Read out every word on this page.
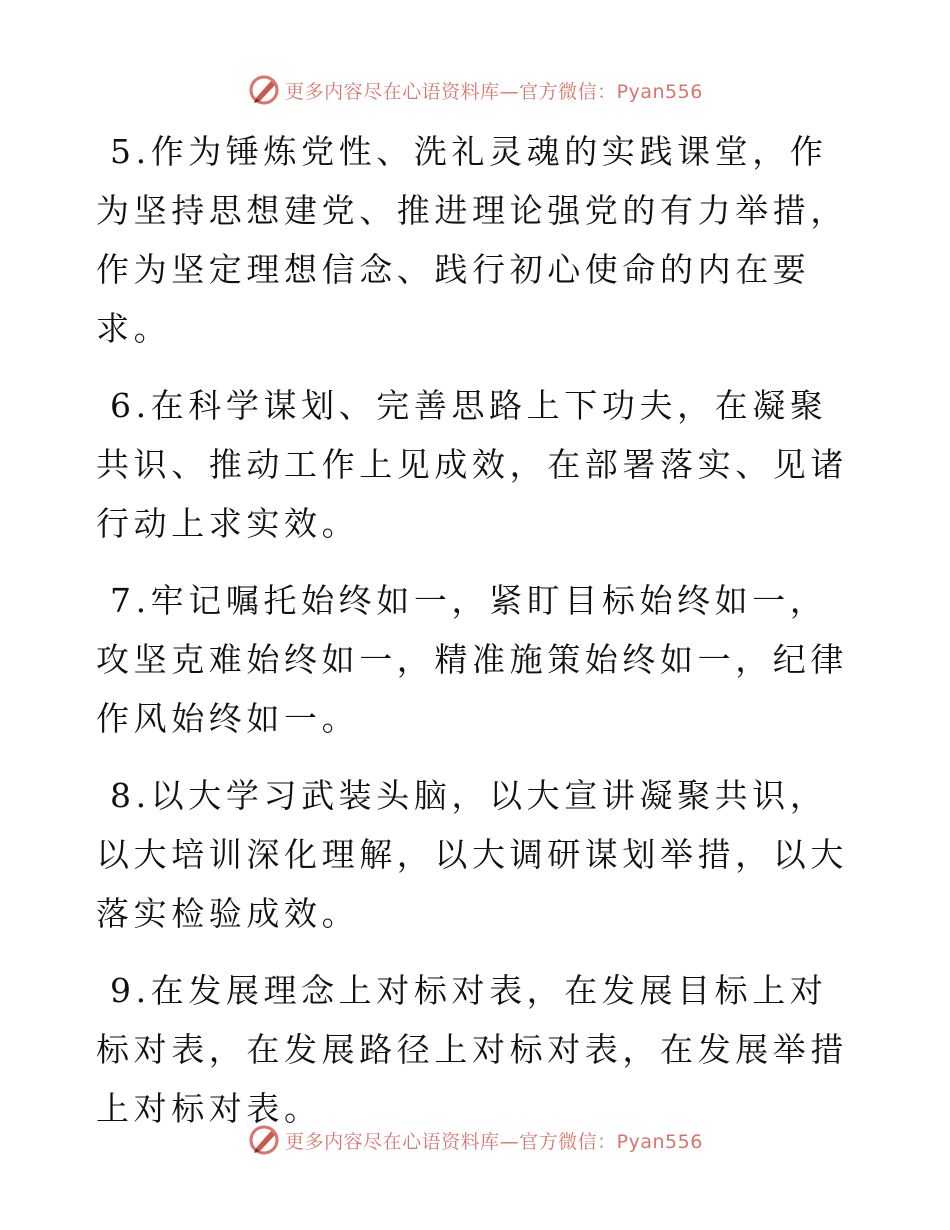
更多内容尽在心语资料库—官方微信：Pyan556

5.作为锤炼党性、洗礼灵魂的实践课堂，作为坚持思想建党、推进理论强党的有力举措，作为坚定理想信念、践行初心使命的内在要求。

6.在科学谋划、完善思路上下功夫，在凝聚共识、推动工作上见成效，在部署落实、见诸行动上求实效。

7.牢记嘱托始终如一，紧盯目标始终如一，攻坚克难始终如一，精准施策始终如一，纪律作风始终如一。

8.以大学习武装头脑，以大宣讲凝聚共识，以大培训深化理解，以大调研谋划举措，以大落实检验成效。

9.在发展理念上对标对表，在发展目标上对标对表，在发展路径上对标对表，在发展举措上对标对表。

更多内容尽在心语资料库—官方微信：Pyan556
